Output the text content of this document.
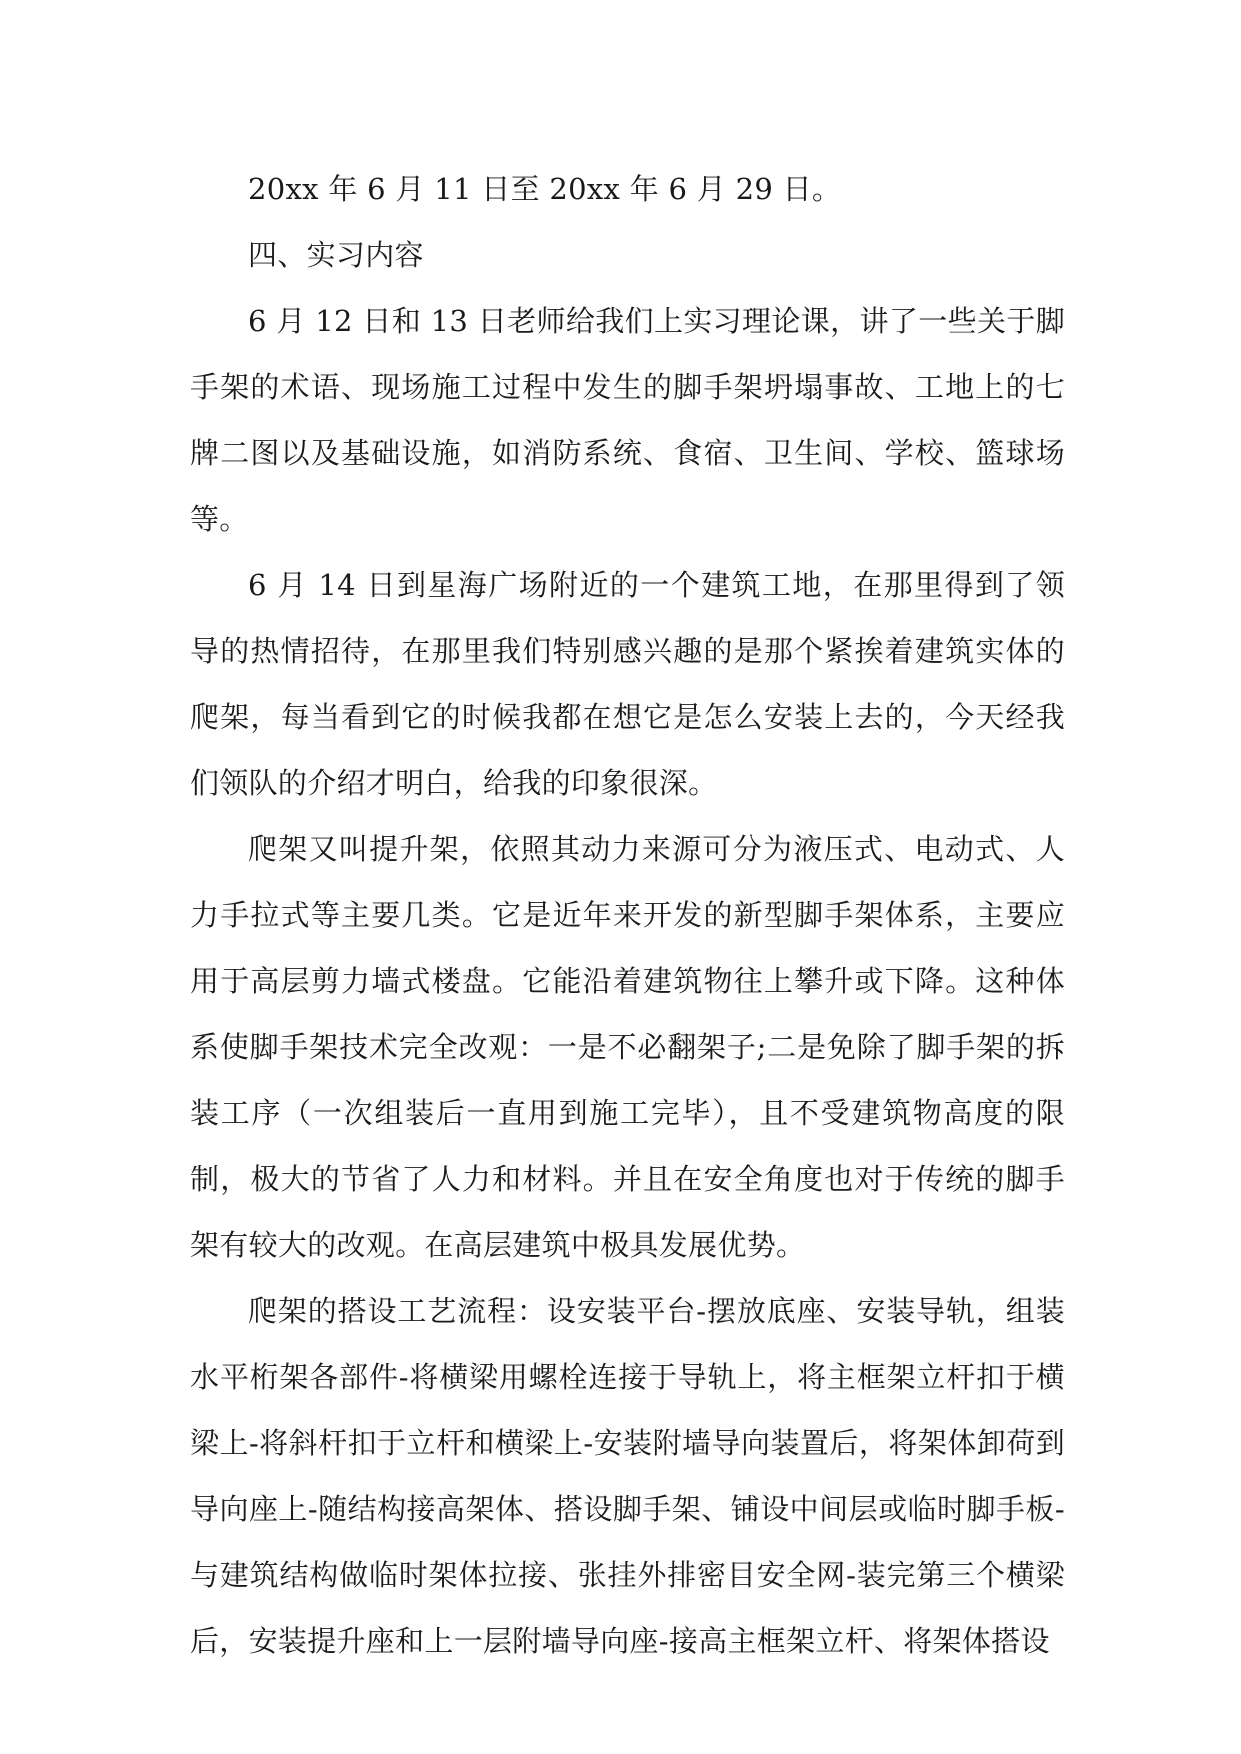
20xx 年 6 月 11 日至 20xx 年 6 月 29 日。

四、实习内容

6 月 12 日和 13 日老师给我们上实习理论课，讲了一些关于脚手架的术语、现场施工过程中发生的脚手架坍塌事故、工地上的七牌二图以及基础设施，如消防系统、食宿、卫生间、学校、篮球场等。

6 月 14 日到星海广场附近的一个建筑工地，在那里得到了领导的热情招待，在那里我们特别感兴趣的是那个紧挨着建筑实体的爬架，每当看到它的时候我都在想它是怎么安装上去的，今天经我们领队的介绍才明白，给我的印象很深。

爬架又叫提升架，依照其动力来源可分为液压式、电动式、人力手拉式等主要几类。它是近年来开发的新型脚手架体系，主要应用于高层剪力墙式楼盘。它能沿着建筑物往上攀升或下降。这种体系使脚手架技术完全改观：一是不必翻架子;二是免除了脚手架的拆装工序（一次组装后一直用到施工完毕），且不受建筑物高度的限制，极大的节省了人力和材料。并且在安全角度也对于传统的脚手架有较大的改观。在高层建筑中极具发展优势。

爬架的搭设工艺流程：设安装平台-摆放底座、安装导轨，组装水平桁架各部件-将横梁用螺栓连接于导轨上，将主框架立杆扣于横梁上-将斜杆扣于立杆和横梁上-安装附墙导向装置后，将架体卸荷到导向座上-随结构接高架体、搭设脚手架、铺设中间层或临时脚手板-与建筑结构做临时架体拉接、张挂外排密目安全网-装完第三个横梁后，安装提升座和上一层附墙导向座-接高主框架立杆、将架体搭设
